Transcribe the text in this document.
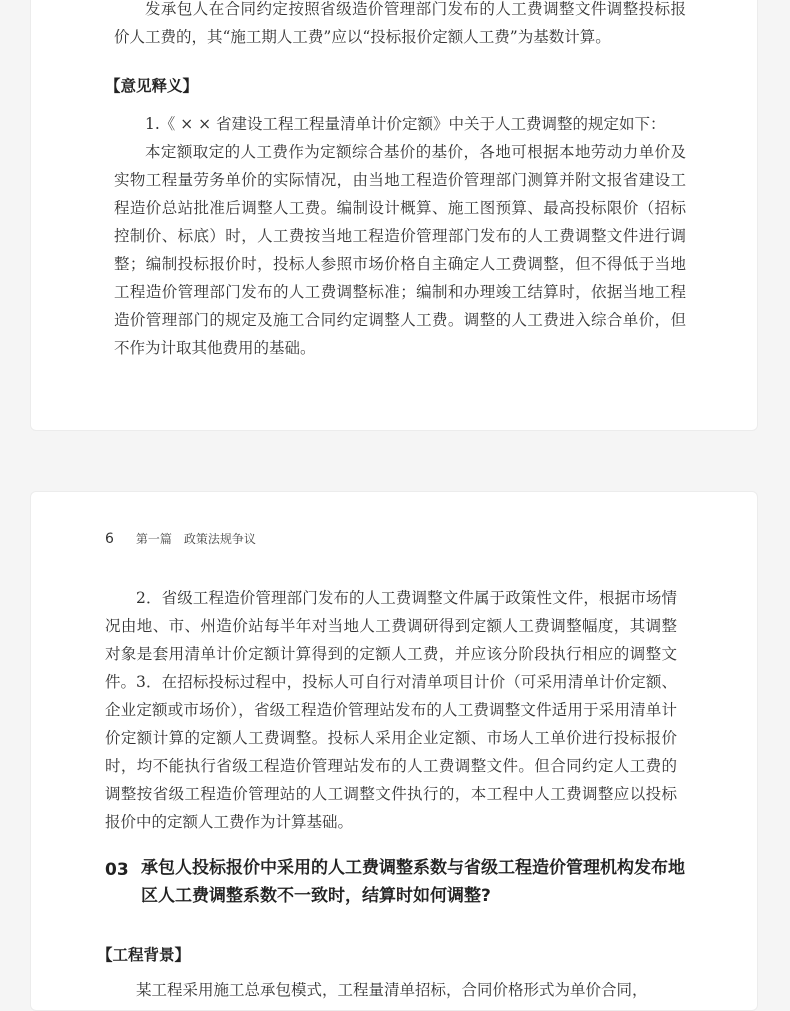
发承包人在合同约定按照省级造价管理部门发布的人工费调整文件调整投标报价人工费的，其“施工期人工费”应以“投标报价定额人工费”为基数计算。

【意见释义】

1.《 × × 省建设工程工程量清单计价定额》中关于人工费调整的规定如下：

本定额取定的人工费作为定额综合基价的基价，各地可根据本地劳动力单价及实物工程量劳务单价的实际情况，由当地工程造价管理部门测算并附文报省建设工程造价总站批准后调整人工费。编制设计概算、施工图预算、最高投标限价（招标控制价、标底）时，人工费按当地工程造价管理部门发布的人工费调整文件进行调整；编制投标报价时，投标人参照市场价格自主确定人工费调整，但不得低于当地工程造价管理部门发布的人工费调整标准；编制和办理竣工结算时，依据当地工程造价管理部门的规定及施工合同约定调整人工费。调整的人工费进入综合单价，但不作为计取其他费用的基础。

6 第一篇　政策法规争议

2．省级工程造价管理部门发布的人工费调整文件属于政策性文件，根据市场情况由地、市、州造价站每半年对当地人工费调研得到定额人工费调整幅度，其调整对象是套用清单计价定额计算得到的定额人工费，并应该分阶段执行相应的调整文件。 3．在招标投标过程中，投标人可自行对清单项目计价（可采用清单计价定额、企业定额或市场价），省级工程造价管理站发布的人工费调整文件适用于采用清单计价定额计算的定额人工费调整。投标人采用企业定额、市场人工单价进行投标报价时，均不能执行省级工程造价管理站发布的人工费调整文件。但合同约定人工费的调整按省级工程造价管理站的人工调整文件执行的，本工程中人工费调整应以投标报价中的定额人工费作为计算基础。

03 承包人投标报价中采用的人工费调整系数与省级工程造价管理机构发布地区人工费调整系数不一致时，结算时如何调整?
【工程背景】

某工程采用施工总承包模式，工程量清单招标，合同价格形式为单价合同，
